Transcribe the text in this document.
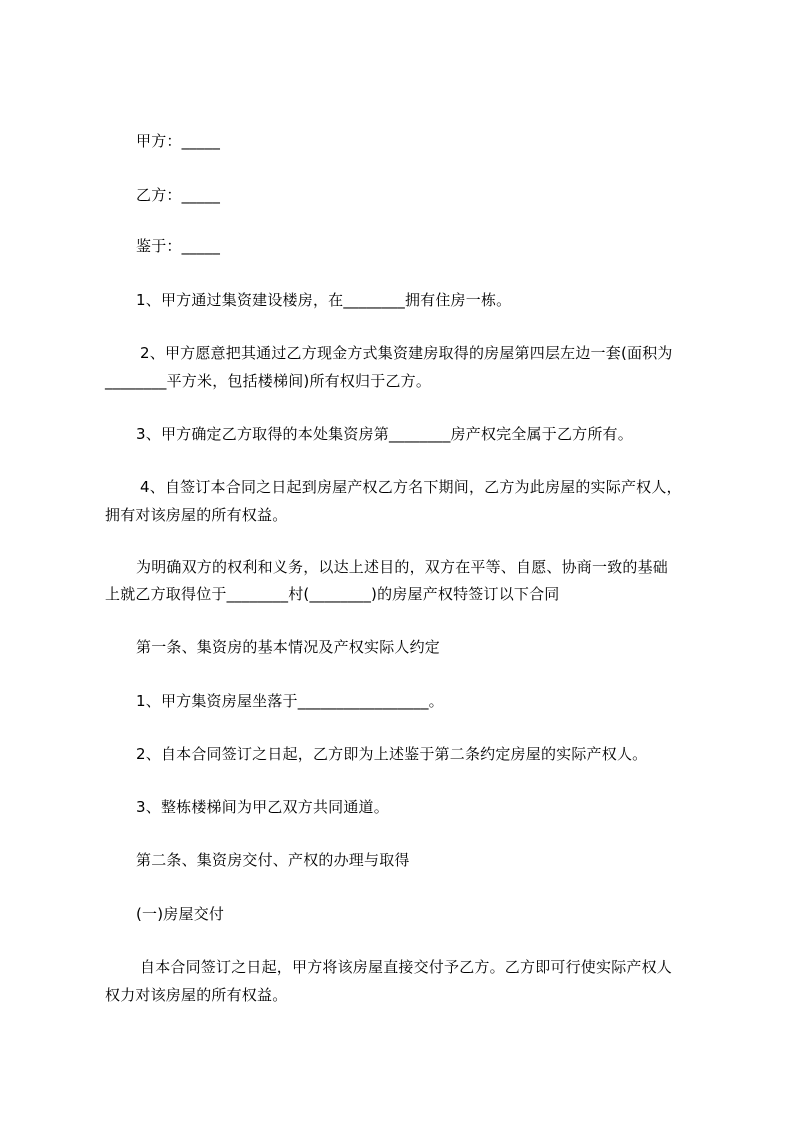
甲方：_____
乙方：_____
鉴于：_____
1、甲方通过集资建设楼房，在________拥有住房一栋。
2、甲方愿意把其通过乙方现金方式集资建房取得的房屋第四层左边一套(面积为
________平方米，包括楼梯间)所有权归于乙方。
3、甲方确定乙方取得的本处集资房第________房产权完全属于乙方所有。
4、自签订本合同之日起到房屋产权乙方名下期间，乙方为此房屋的实际产权人，
拥有对该房屋的所有权益。
为明确双方的权利和义务，以达上述目的，双方在平等、自愿、协商一致的基础
上就乙方取得位于________村(________)的房屋产权特签订以下合同
第一条、集资房的基本情况及产权实际人约定
1、甲方集资房屋坐落于_________________。
2、自本合同签订之日起，乙方即为上述鉴于第二条约定房屋的实际产权人。
3、整栋楼梯间为甲乙双方共同通道。
第二条、集资房交付、产权的办理与取得
(一)房屋交付
自本合同签订之日起，甲方将该房屋直接交付予乙方。乙方即可行使实际产权人
权力对该房屋的所有权益。
